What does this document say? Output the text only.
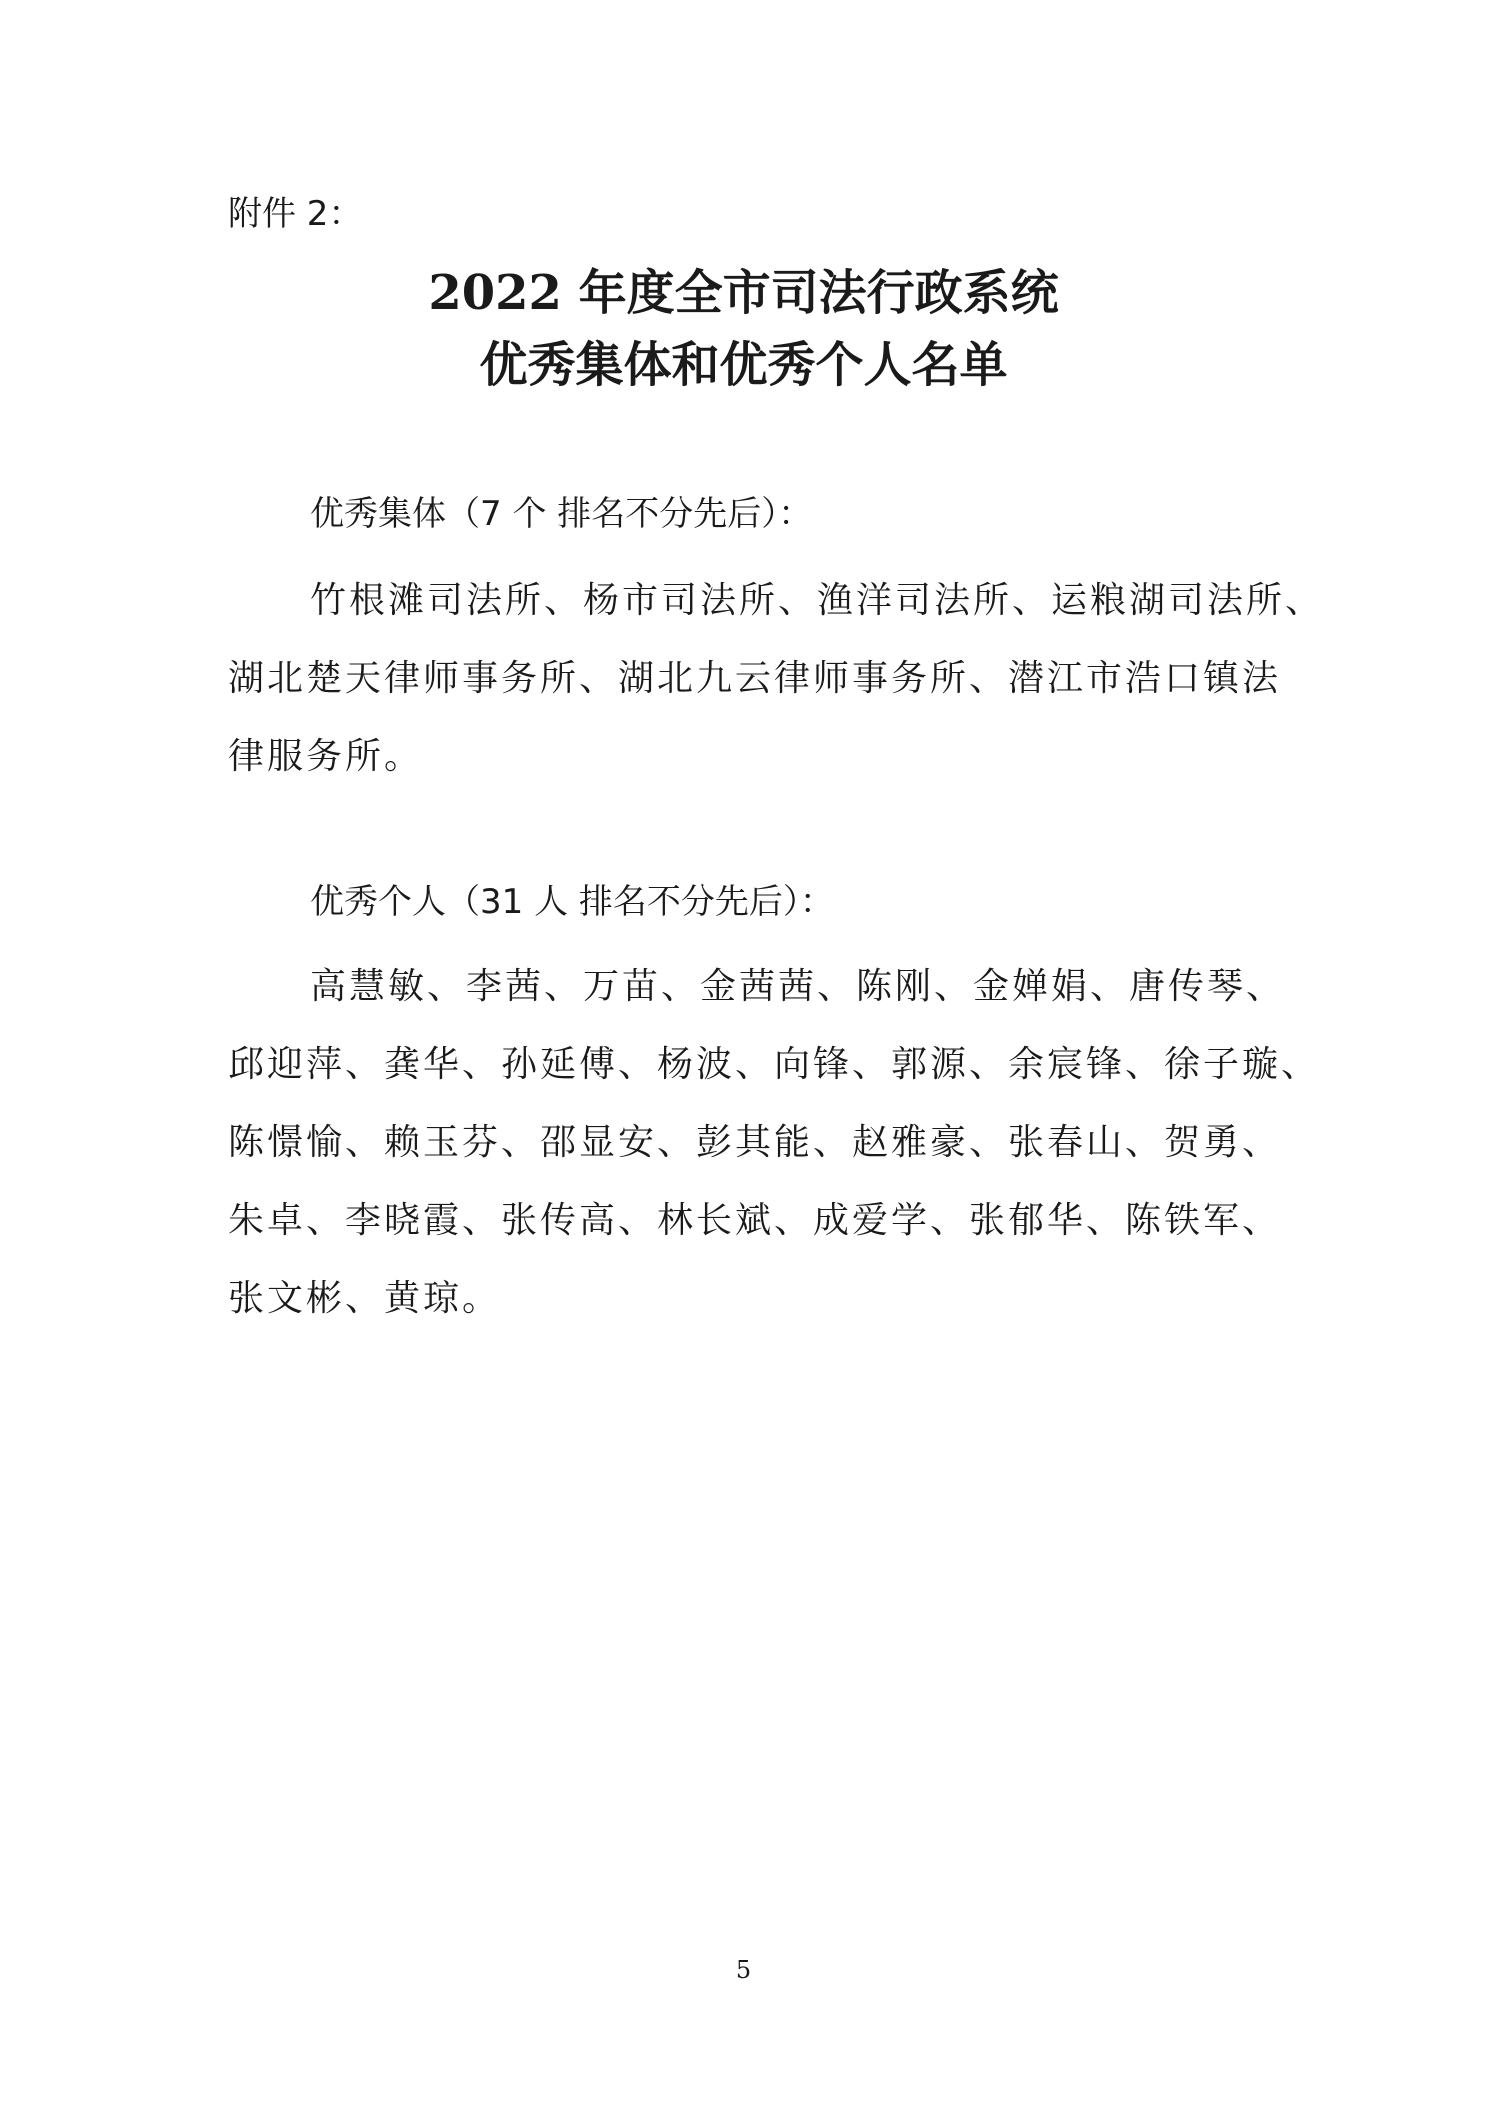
附件 2：
2022 年度全市司法行政系统
优秀集体和优秀个人名单
优秀集体（7 个 排名不分先后）：
竹根滩司法所、杨市司法所、渔洋司法所、运粮湖司法所、
湖北楚天律师事务所、湖北九云律师事务所、潜江市浩口镇法
律服务所。
优秀个人（31 人 排名不分先后）：
高慧敏、李茜、万苗、金茜茜、陈刚、金婵娟、唐传琴、
邱迎萍、龚华、孙延傅、杨波、向锋、郭源、余宸锋、徐子璇、
陈憬愉、赖玉芬、邵显安、彭其能、赵雅豪、张春山、贺勇、
朱卓、李晓霞、张传高、林长斌、成爱学、张郁华、陈铁军、
张文彬、黄琼。
5
